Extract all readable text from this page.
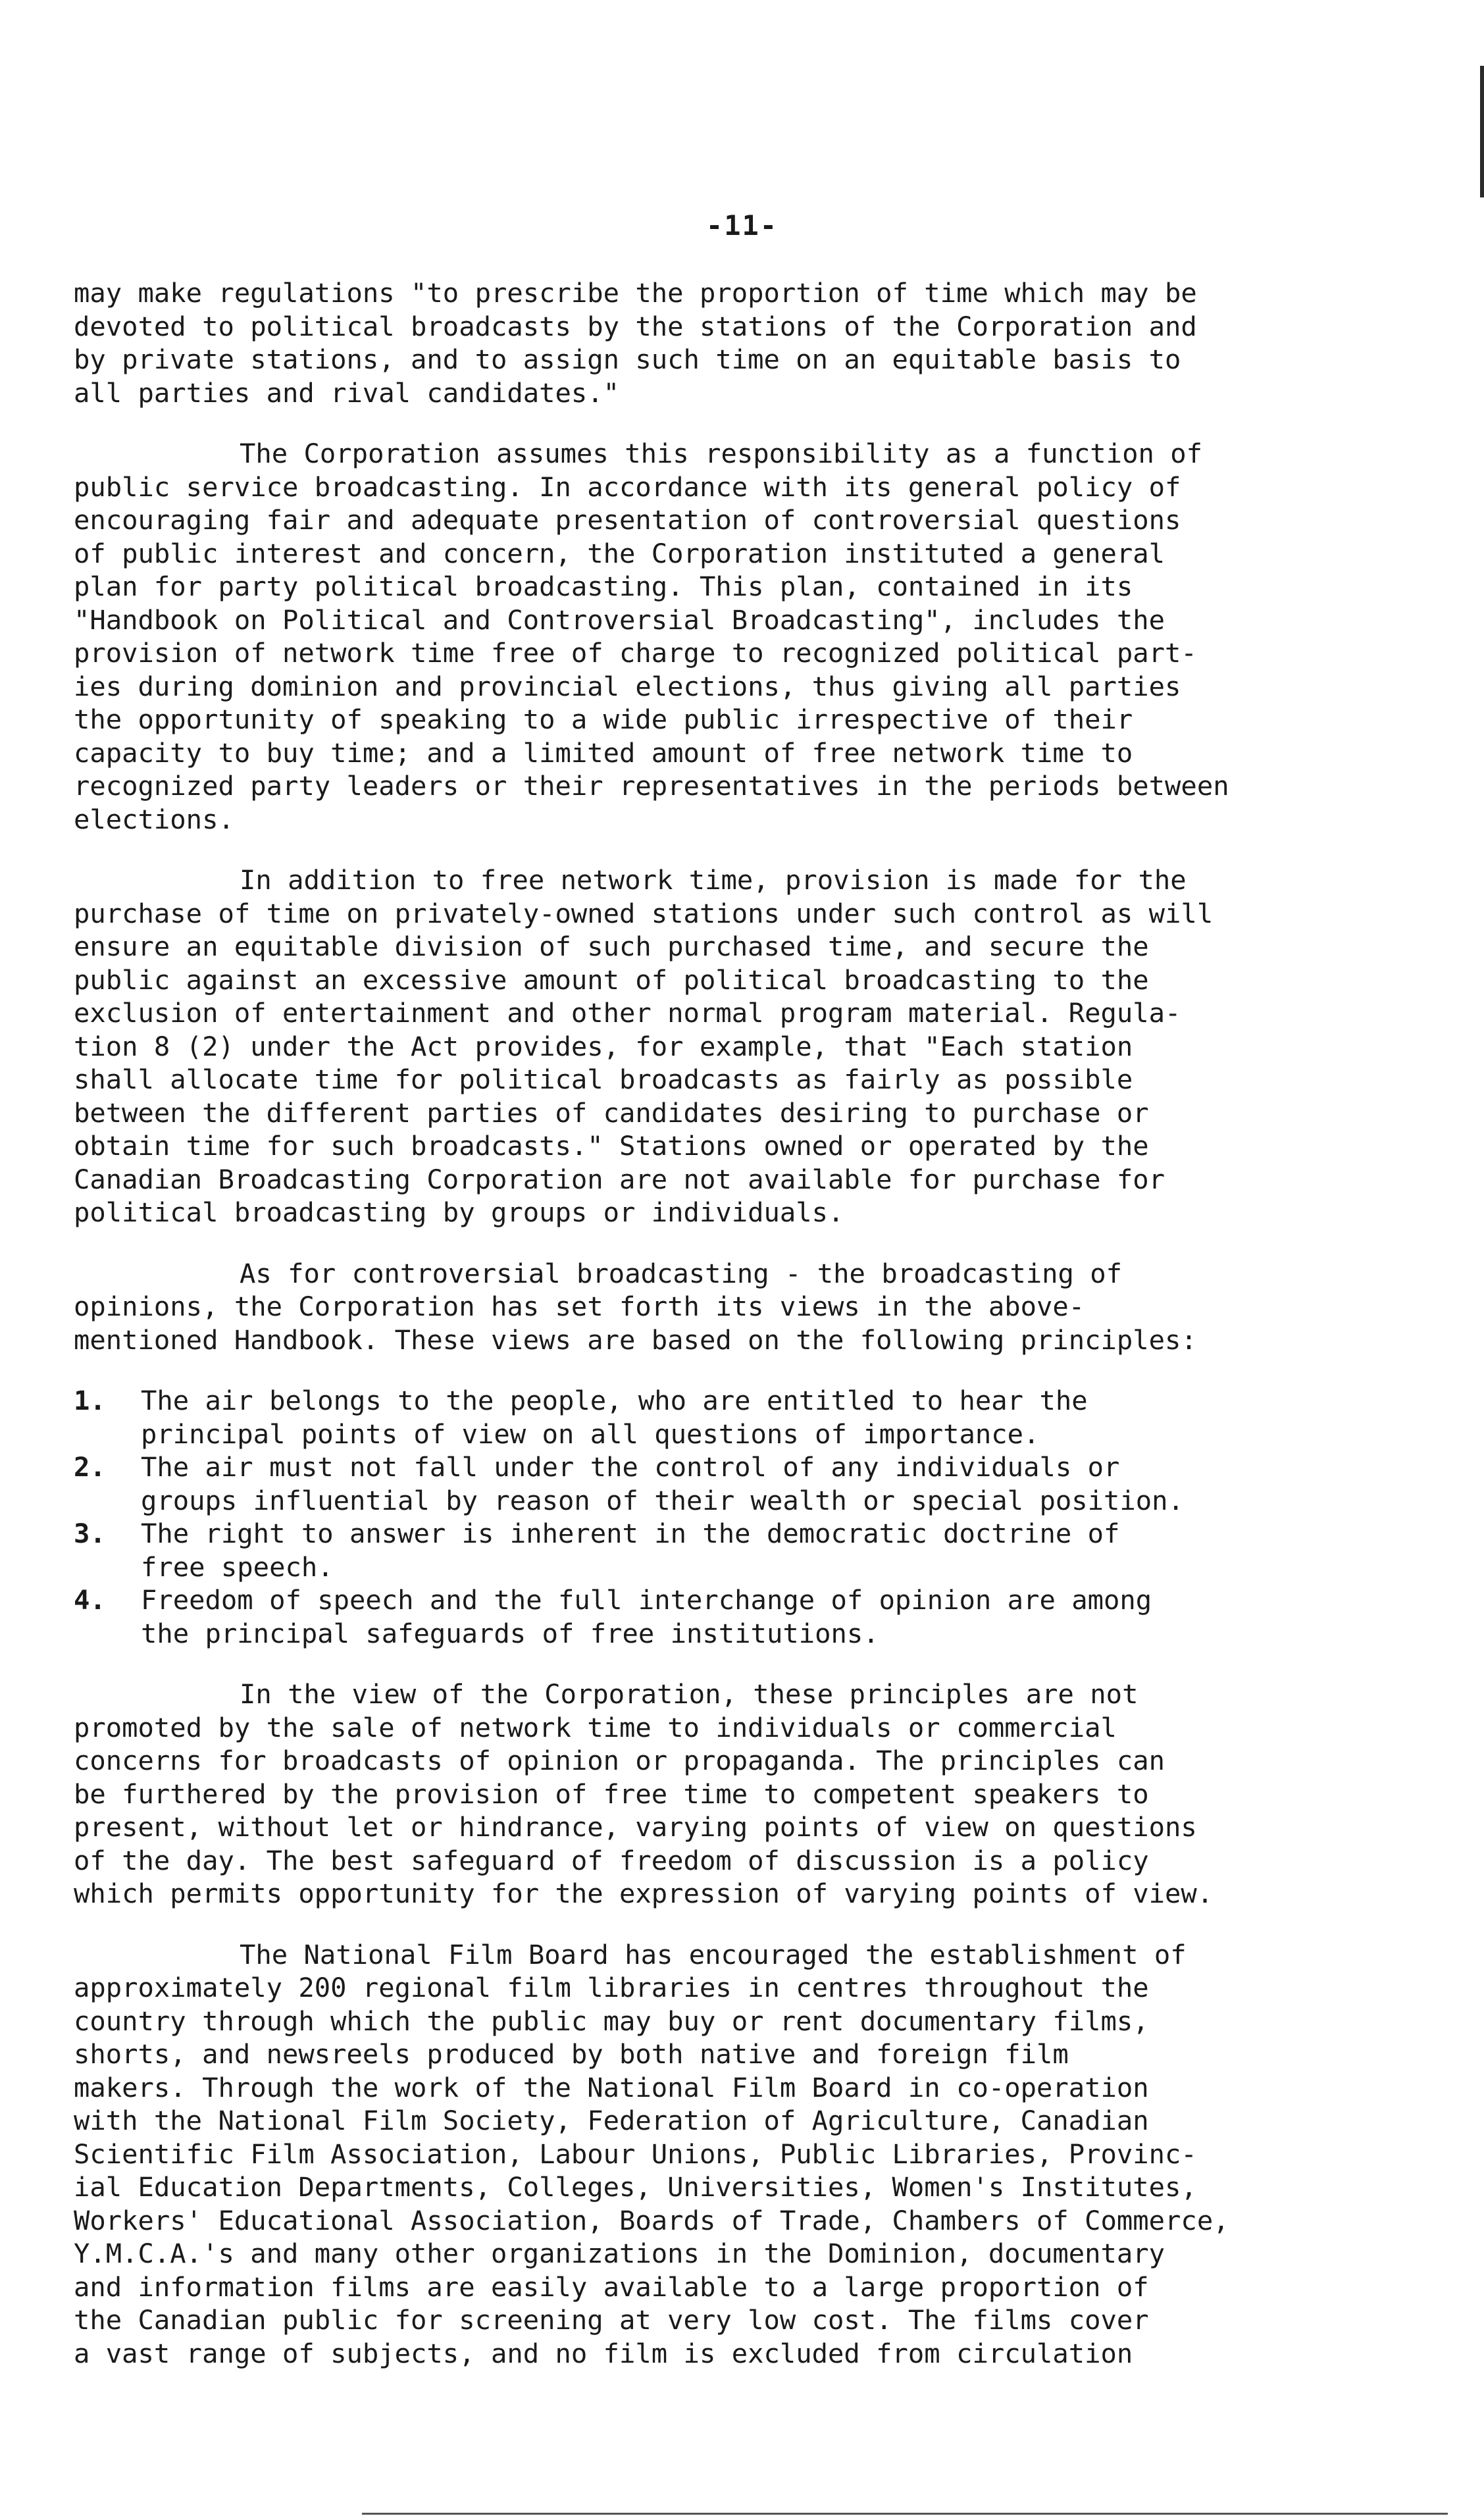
-11-

may make regulations "to prescribe the proportion of time which may be
devoted to political broadcasts by the stations of the Corporation and
by private stations, and to assign such time on an equitable basis to
all parties and rival candidates."

The Corporation assumes this responsibility as a function of
public service broadcasting. In accordance with its general policy of
encouraging fair and adequate presentation of controversial questions
of public interest and concern, the Corporation instituted a general
plan for party political broadcasting. This plan, contained in its
"Handbook on Political and Controversial Broadcasting", includes the
provision of network time free of charge to recognized political part-
ies during dominion and provincial elections, thus giving all parties
the opportunity of speaking to a wide public irrespective of their
capacity to buy time; and a limited amount of free network time to
recognized party leaders or their representatives in the periods between
elections.

In addition to free network time, provision is made for the
purchase of time on privately-owned stations under such control as will
ensure an equitable division of such purchased time, and secure the
public against an excessive amount of political broadcasting to the
exclusion of entertainment and other normal program material. Regula-
tion 8 (2) under the Act provides, for example, that "Each station
shall allocate time for political broadcasts as fairly as possible
between the different parties of candidates desiring to purchase or
obtain time for such broadcasts." Stations owned or operated by the
Canadian Broadcasting Corporation are not available for purchase for
political broadcasting by groups or individuals.

As for controversial broadcasting - the broadcasting of
opinions, the Corporation has set forth its views in the above-
mentioned Handbook. These views are based on the following principles:

1.	The air belongs to the people, who are entitled to hear the
principal points of view on all questions of importance.
2.	The air must not fall under the control of any individuals or
groups influential by reason of their wealth or special position.
3.	The right to answer is inherent in the democratic doctrine of
free speech.
4.	Freedom of speech and the full interchange of opinion are among
the principal safeguards of free institutions.

In the view of the Corporation, these principles are not
promoted by the sale of network time to individuals or commercial
concerns for broadcasts of opinion or propaganda. The principles can
be furthered by the provision of free time to competent speakers to
present, without let or hindrance, varying points of view on questions
of the day. The best safeguard of freedom of discussion is a policy
which permits opportunity for the expression of varying points of view.

The National Film Board has encouraged the establishment of
approximately 200 regional film libraries in centres throughout the
country through which the public may buy or rent documentary films,
shorts, and newsreels produced by both native and foreign film
makers. Through the work of the National Film Board in co-operation
with the National Film Society, Federation of Agriculture, Canadian
Scientific Film Association, Labour Unions, Public Libraries, Provinc-
ial Education Departments, Colleges, Universities, Women's Institutes,
Workers' Educational Association, Boards of Trade, Chambers of Commerce,
Y.M.C.A.'s and many other organizations in the Dominion, documentary
and information films are easily available to a large proportion of
the Canadian public for screening at very low cost. The films cover
a vast range of subjects, and no film is excluded from circulation
